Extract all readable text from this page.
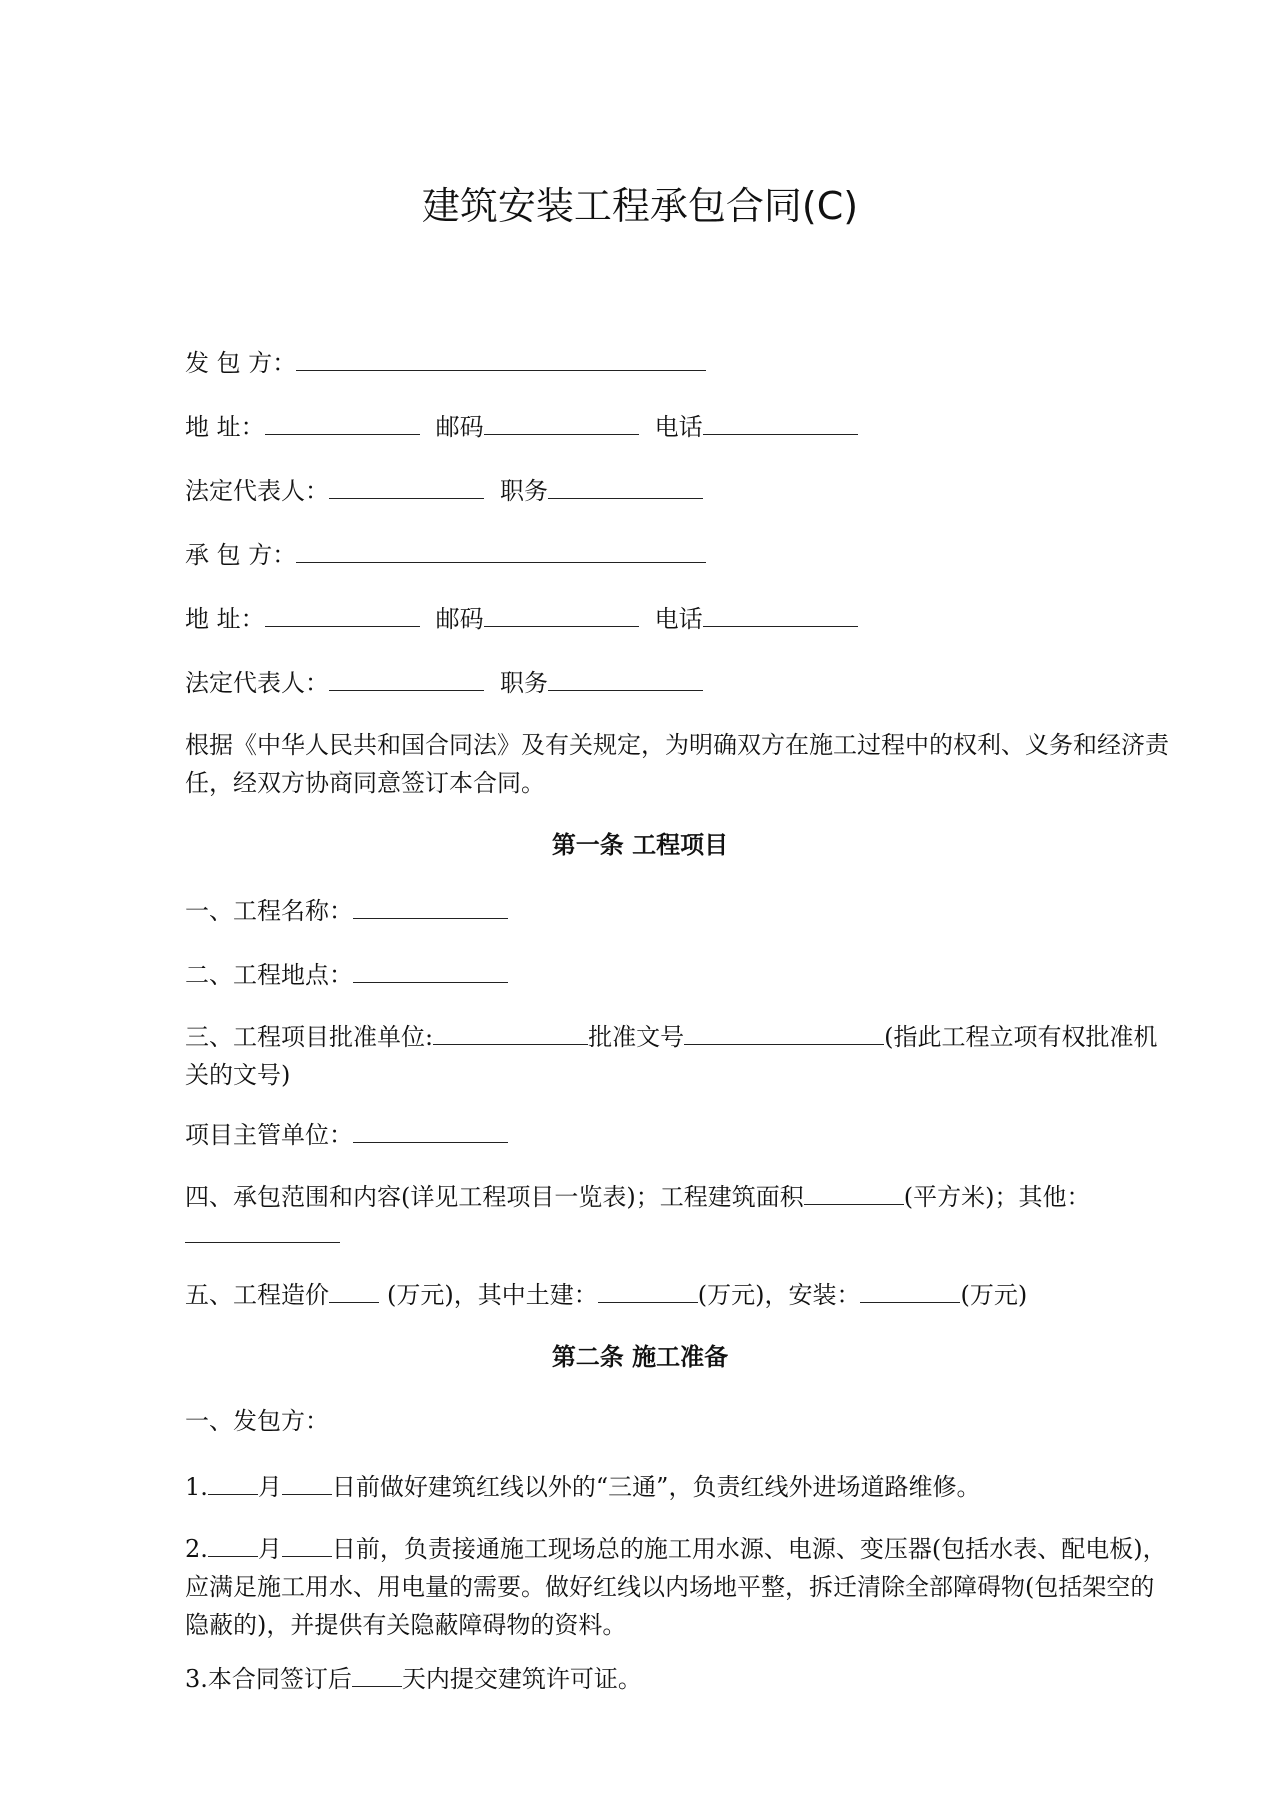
建筑安装工程承包合同(C)
发 包 方：
地 址：	邮码	电话
法定代表人：	职务
承 包 方：
地 址：	邮码	电话
法定代表人：	职务
根据《中华人民共和国合同法》及有关规定，为明确双方在施工过程中的权利、义务和经济责任，经双方协商同意签订本合同。
第一条 工程项目
一、工程名称：
二、工程地点：
三、工程项目批准单位:	批准文号	(指此工程立项有权批准机关的文号)
项目主管单位：
四、承包范围和内容(详见工程项目一览表)；工程建筑面积	(平方米)；其他：
五、工程造价 (万元)，其中土建：	(万元)，安装：	(万元)
第二条 施工准备
一、发包方：
1. 月 日前做好建筑红线以外的“三通”，负责红线外进场道路维修。
2. 月 日前，负责接通施工现场总的施工用水源、电源、变压器(包括水表、配电板)，应满足施工用水、用电量的需要。做好红线以内场地平整，拆迁清除全部障碍物(包括架空的隐蔽的)，并提供有关隐蔽障碍物的资料。
3.本合同签订后 天内提交建筑许可证。
